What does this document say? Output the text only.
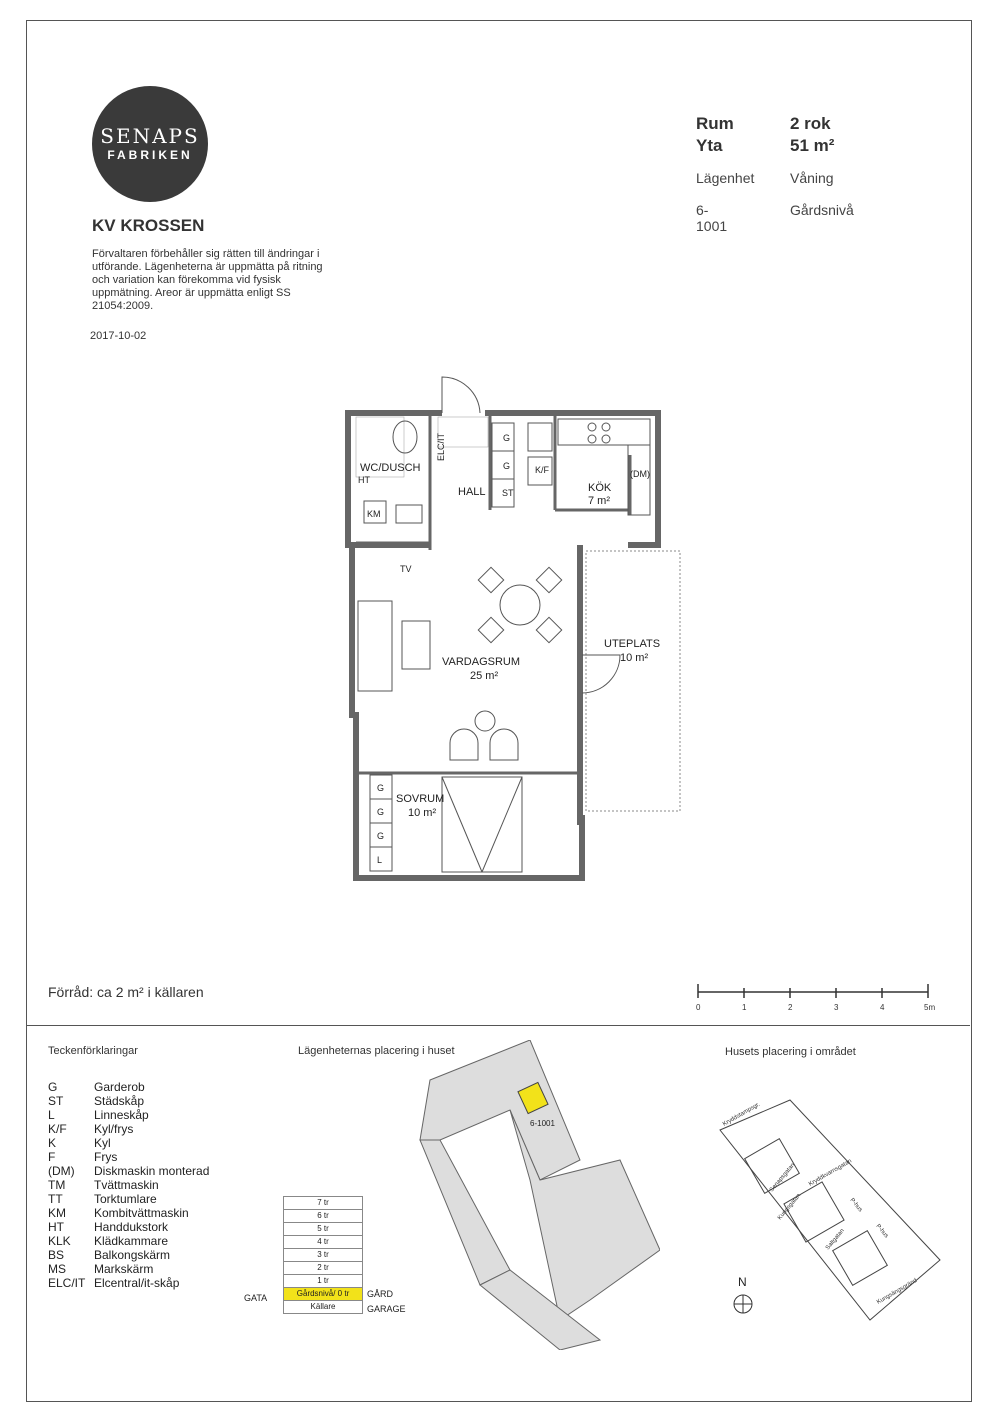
SENAPS
FABRIKEN
KV KROSSEN
Förvaltaren förbehåller sig rätten till ändringar i utförande. Lägenheterna är uppmätta på ritning och variation kan förekomma vid fysisk uppmätning. Areor är uppmätta enligt SS 21054:2009.
2017-10-02
Rum	2 rok
Yta	51 m²
Lägenhet	Våning
6-1001
Gårdsnivå
WC/DUSCH
HT
KM
ELC/IT
HALL
G
G
ST
K/F
KÖK
7 m²
(DM)
TV
VARDAGSRUM
25 m²
UTEPLATS
10 m²
SOVRUM
10 m²
G
G
G
L
Förråd: ca 2 m² i källaren
0	1	2	3	4	5m
Teckenförklaringar
G	Garderob
ST	Städskåp
L	Linneskåp
K/F Kyl/frys
K	Kyl
F	Frys
(DM) Diskmaskin monterad
TM Tvättmaskin
TT	Torktumlare
KM Kombitvättmaskin
HT	Handdukstork
KLK Klädkammare
BS Balkongskärm
MS Markskärm
ELC/IT Elcentral/it-skåp
Lägenheternas placering i huset
6-1001
7 tr
6 tr
5 tr
4 tr
3 tr
2 tr
1 tr
Gårdsnivå/ 0 tr
Källare
GATA	GÅRD
GARAGE
Husets placering i området
Kryddstampsgr.
Senapsgatan Kryddkvarnsgatan
Kungsgatan
Saltgatan
P-hus
P-hus
Kungsängsgränd
N
